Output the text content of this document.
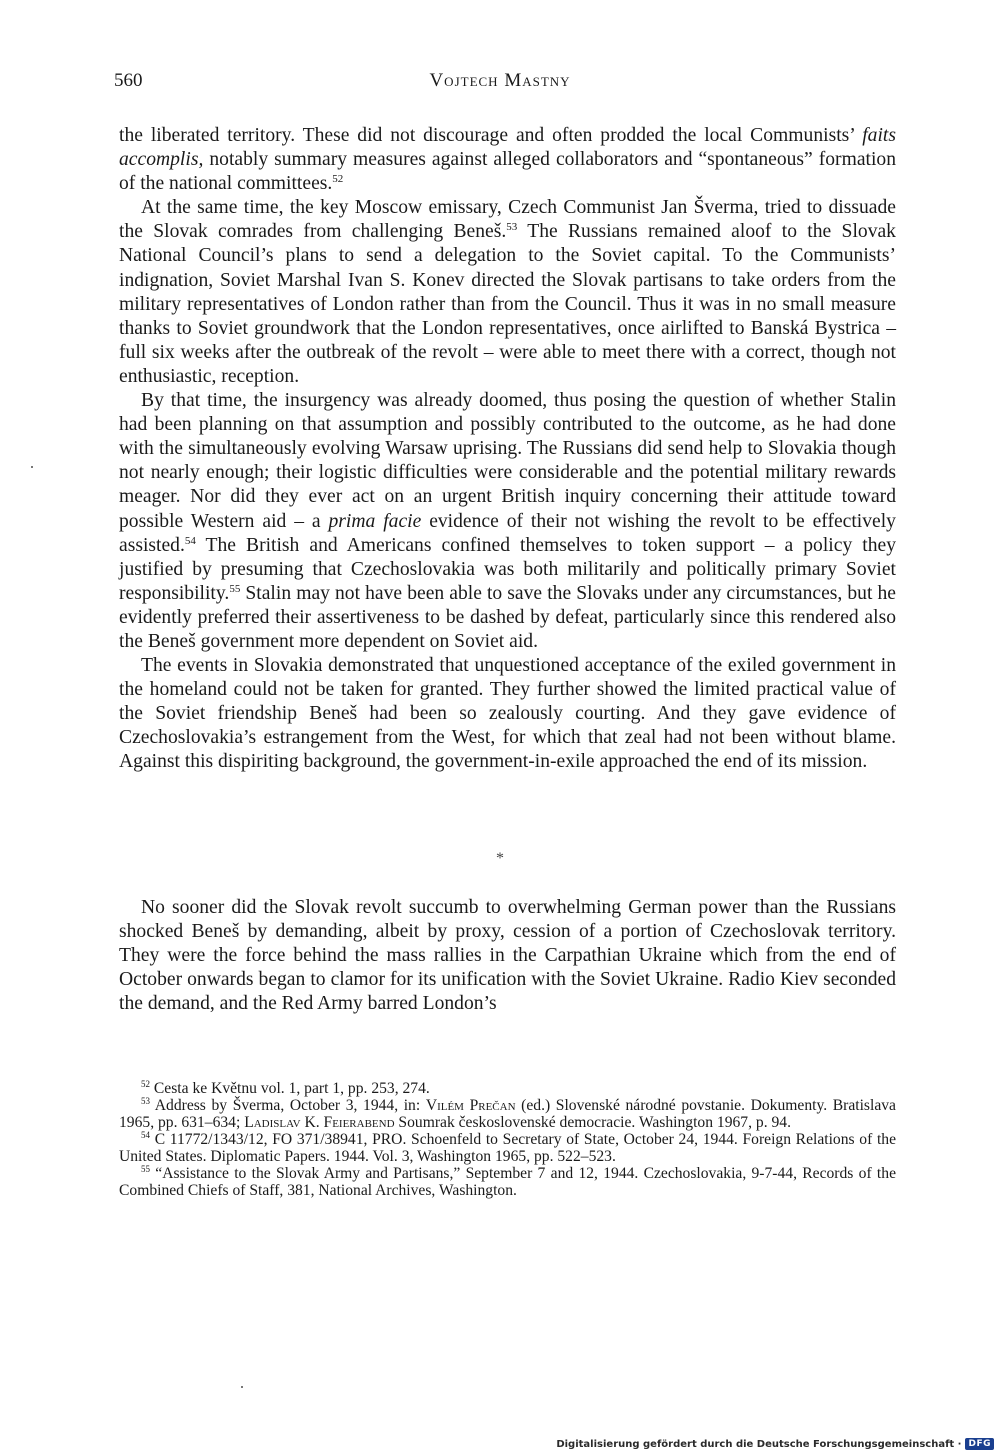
560	Vojtech Mastny

the liberated territory. These did not discourage and often prodded the local Communists’ faits accomplis, notably summary measures against alleged collaborators and “spontaneous” formation of the national committees.$^{52}$

At the same time, the key Moscow emissary, Czech Communist Jan Šverma, tried to dissuade the Slovak comrades from challenging Beneš.$^{53}$ The Russians remained aloof to the Slovak National Council’s plans to send a delegation to the Soviet capital. To the Communists’ indignation, Soviet Marshal Ivan S. Konev directed the Slovak partisans to take orders from the military representatives of London rather than from the Council. Thus it was in no small measure thanks to Soviet groundwork that the London representatives, once airlifted to Banská Bystrica – full six weeks after the outbreak of the revolt – were able to meet there with a correct, though not enthusiastic, reception.

By that time, the insurgency was already doomed, thus posing the question of whether Stalin had been planning on that assumption and possibly contributed to the outcome, as he had done with the simultaneously evolving Warsaw uprising. The Russians did send help to Slovakia though not nearly enough; their logistic difficulties were considerable and the potential military rewards meager. Nor did they ever act on an urgent British inquiry concerning their attitude toward possible Western aid – a prima facie evidence of their not wishing the revolt to be effectively assisted.$^{54}$ The British and Americans confined themselves to token support – a policy they justified by presuming that Czechoslovakia was both militarily and politically primary Soviet responsibility.$^{55}$ Stalin may not have been able to save the Slovaks under any circumstances, but he evidently preferred their assertiveness to be dashed by defeat, particularly since this rendered also the Beneš government more dependent on Soviet aid.

The events in Slovakia demonstrated that unquestioned acceptance of the exiled government in the homeland could not be taken for granted. They further showed the limited practical value of the Soviet friendship Beneš had been so zealously courting. And they gave evidence of Czechoslovakia’s estrangement from the West, for which that zeal had not been without blame. Against this dispiriting background, the government-in-exile approached the end of its mission.

*

No sooner did the Slovak revolt succumb to overwhelming German power than the Russians shocked Beneš by demanding, albeit by proxy, cession of a portion of Czechoslovak territory. They were the force behind the mass rallies in the Carpathian Ukraine which from the end of October onwards began to clamor for its unification with the Soviet Ukraine. Radio Kiev seconded the demand, and the Red Army barred London’s

$^{52}$ Cesta ke Květnu vol. 1, part 1, pp. 253, 274.

$^{53}$ Address by Šverma, October 3, 1944, in: Vilém Prečan (ed.) Slovenské národné povstanie. Dokumenty. Bratislava 1965, pp. 631–634; Ladislav K. Feierabend Soumrak československé democracie. Washington 1967, p. 94.

$^{54}$ C 11772/1343/12, FO 371/38941, PRO. Schoenfeld to Secretary of State, October 24, 1944. Foreign Relations of the United States. Diplomatic Papers. 1944. Vol. 3, Washington 1965, pp. 522–523.

$^{55}$ “Assistance to the Slovak Army and Partisans,” September 7 and 12, 1944. Czechoslovakia, 9-7-44, Records of the Combined Chiefs of Staff, 381, National Archives, Washington.

Digitalisierung gefördert durch die Deutsche Forschungsgemeinschaft · DFG
